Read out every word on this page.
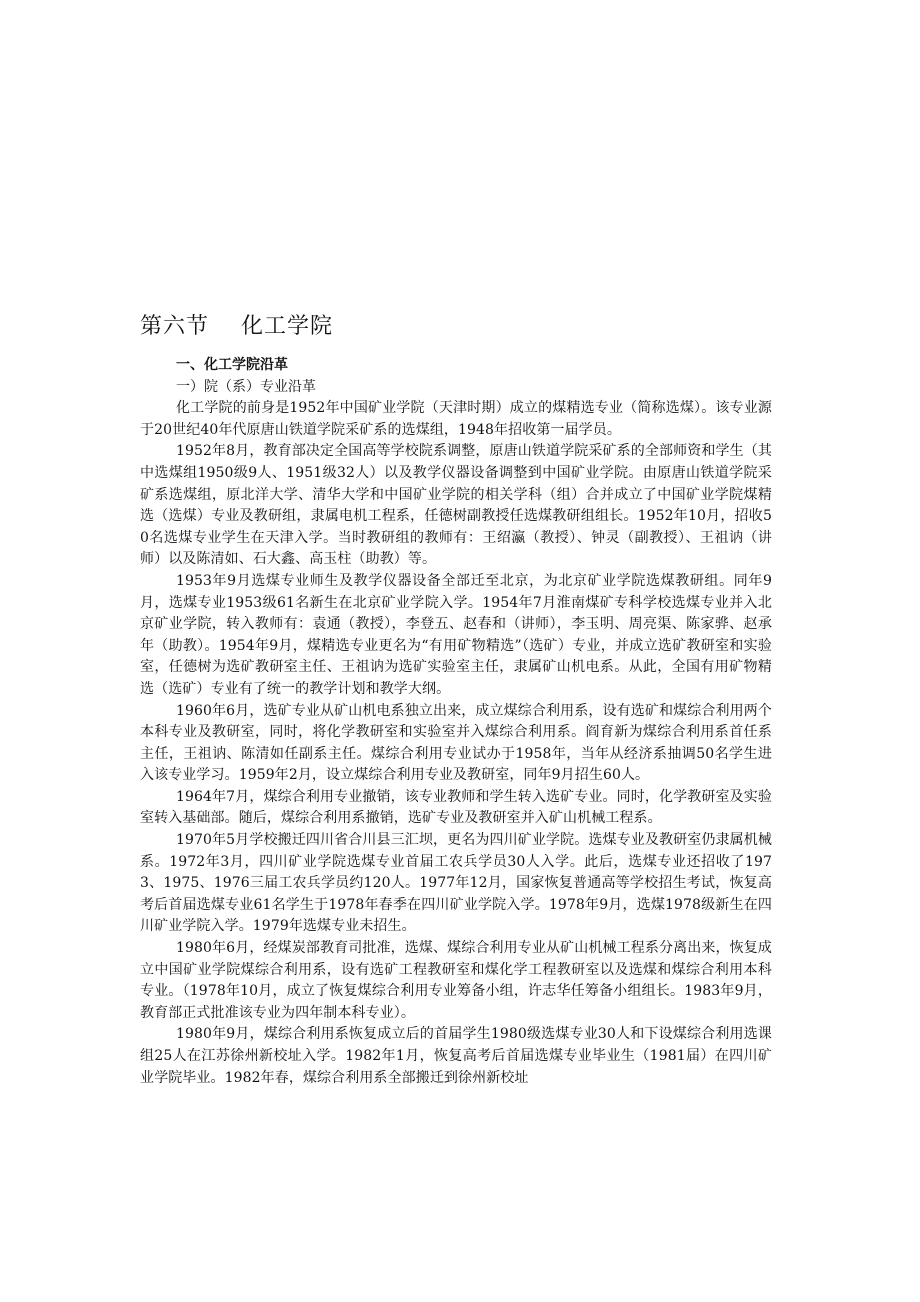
第六节    化工学院

一、化工学院沿革

一）院（系）专业沿革

化工学院的前身是1952年中国矿业学院（天津时期）成立的煤精选专业（简称选煤）。该专业源于20世纪40年代原唐山铁道学院采矿系的选煤组，1948年招收第一届学员。

1952年8月，教育部决定全国高等学校院系调整，原唐山铁道学院采矿系的全部师资和学生（其中选煤组1950级9人、1951级32人）以及教学仪器设备调整到中国矿业学院。由原唐山铁道学院采矿系选煤组，原北洋大学、清华大学和中国矿业学院的相关学科（组）合并成立了中国矿业学院煤精选（选煤）专业及教研组，隶属电机工程系，任德树副教授任选煤教研组组长。1952年10月，招收50名选煤专业学生在天津入学。当时教研组的教师有：王绍瀛（教授）、钟灵（副教授）、王祖讷（讲师）以及陈清如、石大鑫、高玉柱（助教）等。

1953年9月选煤专业师生及教学仪器设备全部迁至北京，为北京矿业学院选煤教研组。同年9月，选煤专业1953级61名新生在北京矿业学院入学。1954年7月淮南煤矿专科学校选煤专业并入北京矿业学院，转入教师有：袁通（教授），李登五、赵春和（讲师），李玉明、周亮渠、陈家骅、赵承年（助教）。1954年9月，煤精选专业更名为“有用矿物精选”（选矿）专业，并成立选矿教研室和实验室，任德树为选矿教研室主任、王祖讷为选矿实验室主任，隶属矿山机电系。从此，全国有用矿物精选（选矿）专业有了统一的教学计划和教学大纲。

1960年6月，选矿专业从矿山机电系独立出来，成立煤综合利用系，设有选矿和煤综合利用两个本科专业及教研室，同时，将化学教研室和实验室并入煤综合利用系。阎育新为煤综合利用系首任系主任，王祖讷、陈清如任副系主任。煤综合利用专业试办于1958年，当年从经济系抽调50名学生进入该专业学习。1959年2月，设立煤综合利用专业及教研室，同年9月招生60人。

1964年7月，煤综合利用专业撤销，该专业教师和学生转入选矿专业。同时，化学教研室及实验室转入基础部。随后，煤综合利用系撤销，选矿专业及教研室并入矿山机械工程系。

1970年5月学校搬迁四川省合川县三汇坝，更名为四川矿业学院。选煤专业及教研室仍隶属机械系。1972年3月，四川矿业学院选煤专业首届工农兵学员30人入学。此后，选煤专业还招收了1973、1975、1976三届工农兵学员约120人。1977年12月，国家恢复普通高等学校招生考试，恢复高考后首届选煤专业61名学生于1978年春季在四川矿业学院入学。1978年9月，选煤1978级新生在四川矿业学院入学。1979年选煤专业未招生。

1980年6月，经煤炭部教育司批准，选煤、煤综合利用专业从矿山机械工程系分离出来，恢复成立中国矿业学院煤综合利用系，设有选矿工程教研室和煤化学工程教研室以及选煤和煤综合利用本科专业。（1978年10月，成立了恢复煤综合利用专业筹备小组，许志华任筹备小组组长。1983年9月，教育部正式批准该专业为四年制本科专业）。

1980年9月，煤综合利用系恢复成立后的首届学生1980级选煤专业30人和下设煤综合利用选课组25人在江苏徐州新校址入学。1982年1月，恢复高考后首届选煤专业毕业生（1981届）在四川矿业学院毕业。1982年春，煤综合利用系全部搬迁到徐州新校址
